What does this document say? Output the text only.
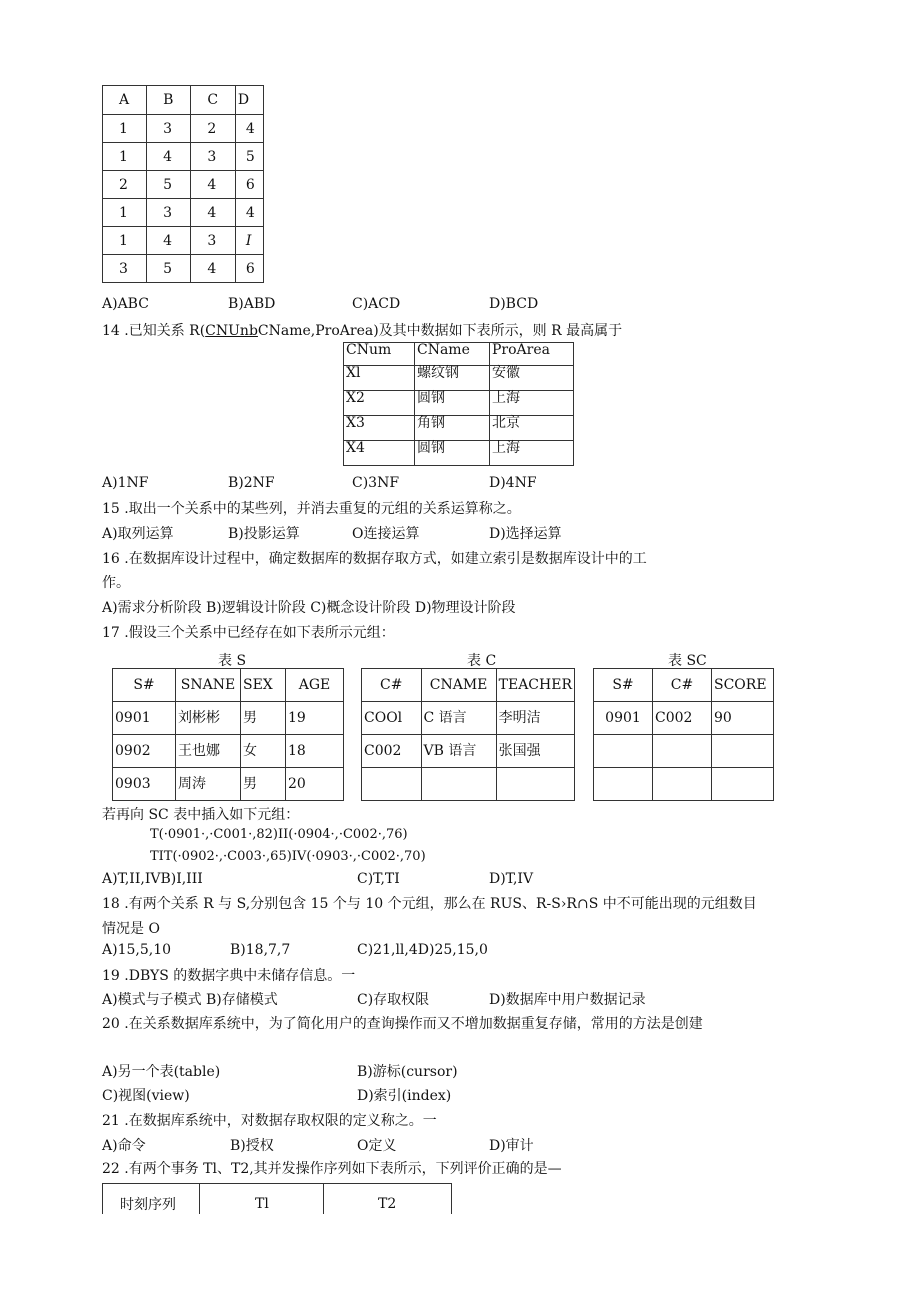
A	B	C	D
1	3	2	4
1	4	3	5
2	5	4	6
1	3	4	4
1	4	3	I
3	5	4	6
A)ABC	B)ABD	C)ACD	D)BCD
14 .已知关系 R(CNUnbCName,ProArea)及其中数据如下表所示，则 R 最高属于
CNum	CName	ProArea
Xl	螺纹钢	安徽
X2	圆钢	上海
X3	角钢	北京
X4	圆钢	上海
A)1NF	B)2NF	C)3NF	D)4NF
15 .取出一个关系中的某些列，并消去重复的元组的关系运算称之。
A)取列运算	B)投影运算	O连接运算	D)选择运算
16 .在数据库设计过程中，确定数据库的数据存取方式，如建立索引是数据库设计中的工
作。
A)需求分析阶段 B)逻辑设计阶段 C)概念设计阶段 D)物理设计阶段
17 .假设三个关系中已经存在如下表所示元组：
表 S	表 C	表 SC
S#	SNANE	SEX	AGE
0901	刘彬彬	男	19
0902	王也娜	女	18
0903	周涛	男	20
C#	CNAME	TEACHER
COOl	C 语言	李明洁
C002	VB 语言	张国强

S#	C#	SCORE
0901	C002	90

若再向 SC 表中插入如下元组：
T(·0901·,·C001·,82)II(·0904·,·C002·,76)
TIT(·0902·,·C003·,65)IV(·0903·,·C002·,70)
A)T,II,IVB)I,III	C)T,TI	D)T,IV
18 .有两个关系 R 与 S,分别包含 15 个与 10 个元组，那么在 RUS、R-S›R∩S 中不可能出现的元组数目
情况是 O
A)15,5,10	B)18,7,7	C)21,ll,4D)25,15,0
19 .DBYS 的数据字典中未储存信息。一
A)模式与子模式 B)存储模式	C)存取权限	D)数据库中用户数据记录
20 .在关系数据库系统中，为了简化用户的查询操作而又不增加数据重复存储，常用的方法是创建
A)另一个表(table)	B)游标(cursor)
C)视图(view)	D)索引(index)
21 .在数据库系统中，对数据存取权限的定义称之。一
A)命令	B)授权	O定义	D)审计
22 .有两个事务 Tl、T2,其并发操作序列如下表所示，下列评价正确的是—
时刻序列	Tl	T2
